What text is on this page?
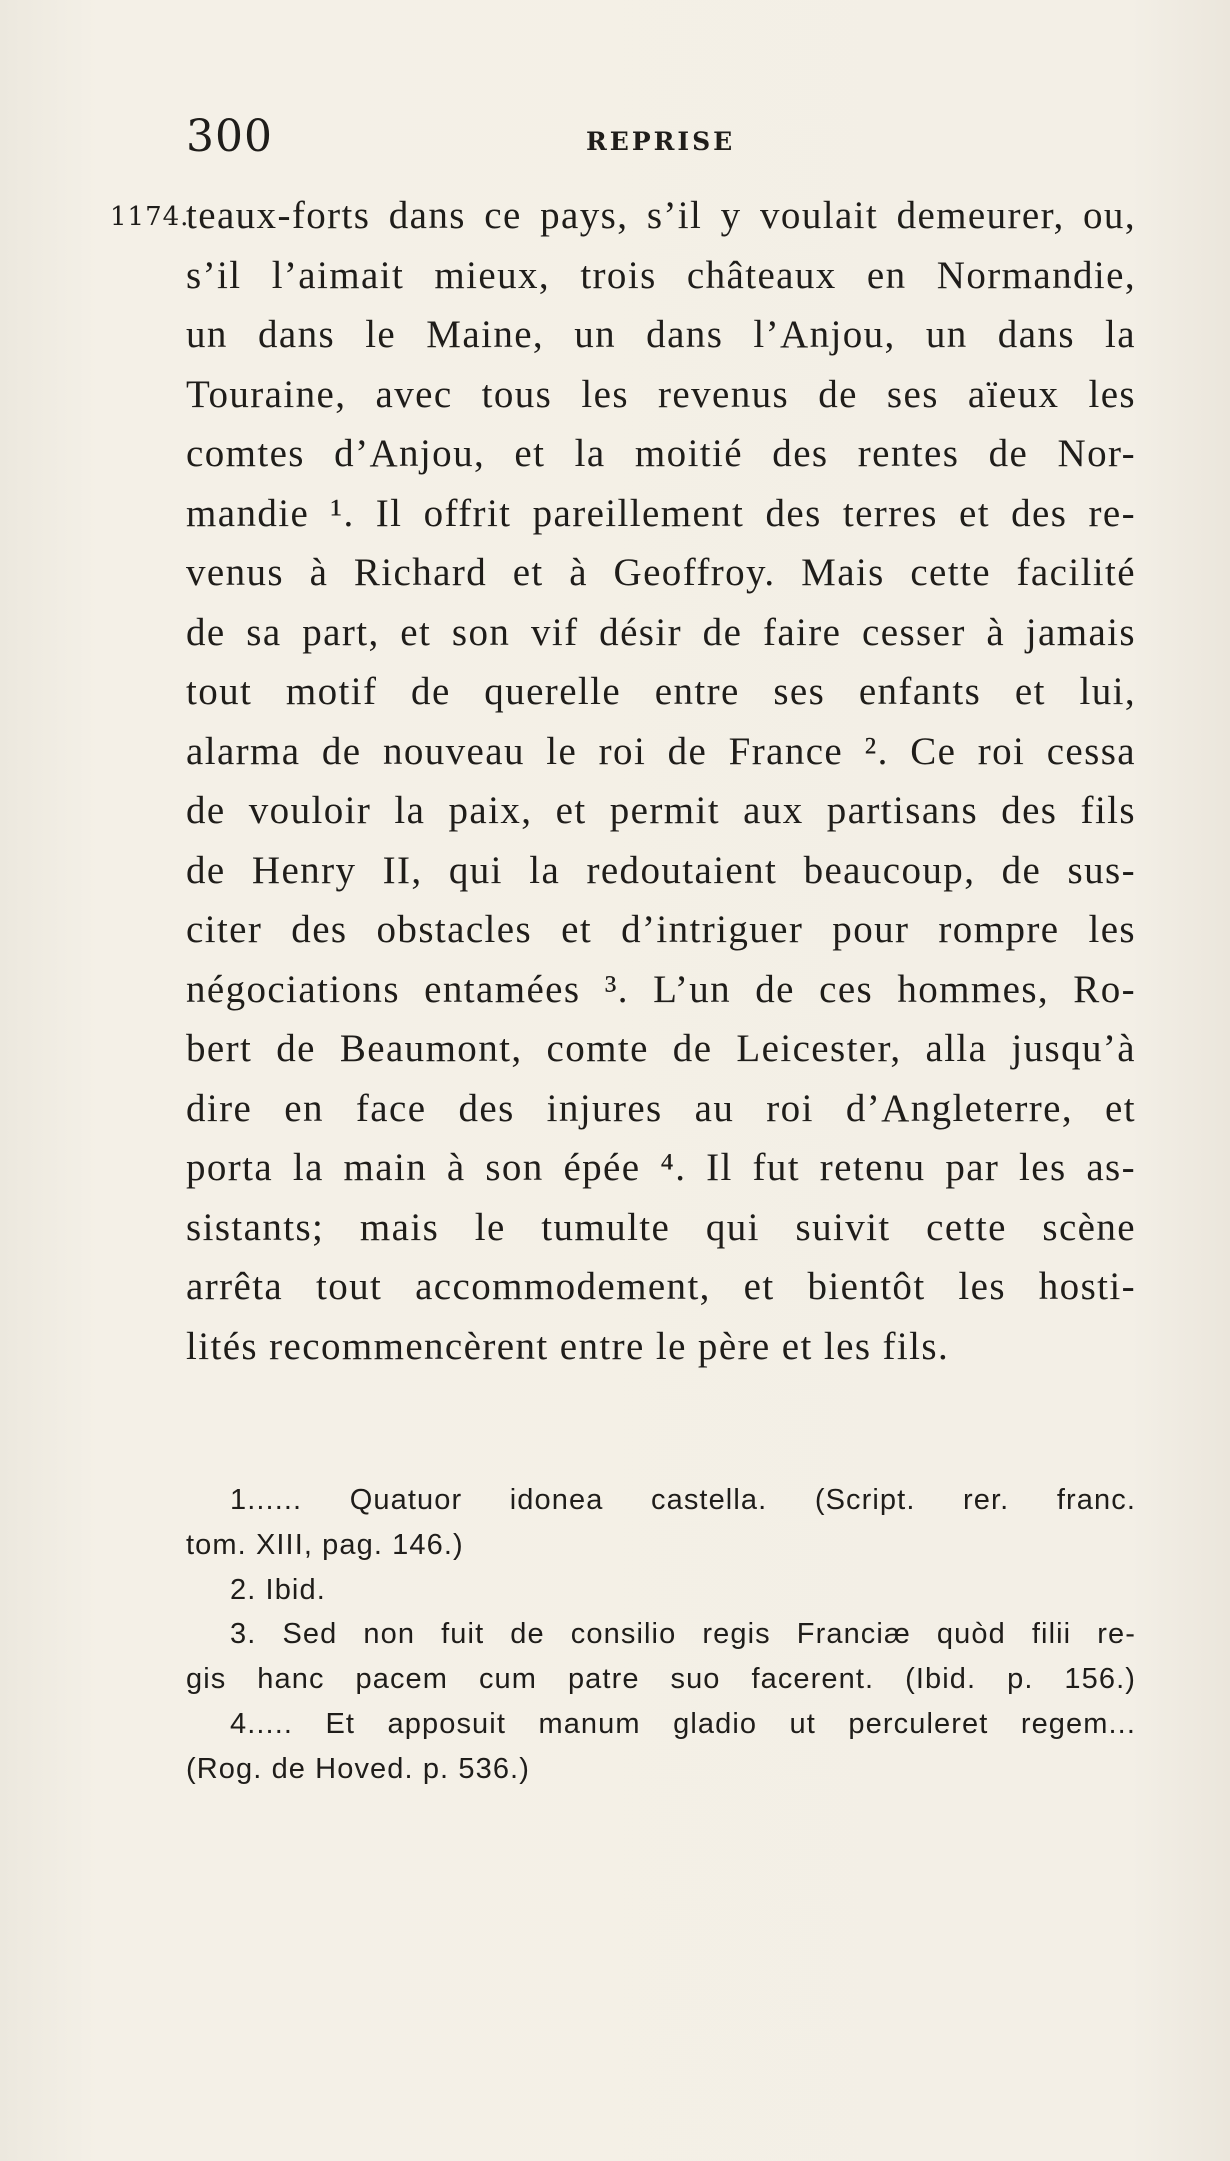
300	REPRISE
1174.
teaux-forts dans ce pays, s’il y voulait demeurer, ou,
s’il l’aimait mieux, trois châteaux en Normandie,
un dans le Maine, un dans l’Anjou, un dans la
Touraine, avec tous les revenus de ses aïeux les
comtes d’Anjou, et la moitié des rentes de Nor-
mandie ¹. Il offrit pareillement des terres et des re-
venus à Richard et à Geoffroy. Mais cette facilité
de sa part, et son vif désir de faire cesser à jamais
tout motif de querelle entre ses enfants et lui,
alarma de nouveau le roi de France ². Ce roi cessa
de vouloir la paix, et permit aux partisans des fils
de Henry II, qui la redoutaient beaucoup, de sus-
citer des obstacles et d’intriguer pour rompre les
négociations entamées ³. L’un de ces hommes, Ro-
bert de Beaumont, comte de Leicester, alla jusqu’à
dire en face des injures au roi d’Angleterre, et
porta la main à son épée ⁴. Il fut retenu par les as-
sistants; mais le tumulte qui suivit cette scène
arrêta tout accommodement, et bientôt les hosti-
lités recommencèrent entre le père et les fils.
1...... Quatuor idonea castella. (Script. rer. franc.
tom. XIII, pag. 146.)
2. Ibid.
3. Sed non fuit de consilio regis Franciæ quòd filii re-
gis hanc pacem cum patre suo facerent. (Ibid. p. 156.)
4..... Et apposuit manum gladio ut perculeret regem...
(Rog. de Hoved. p. 536.)
